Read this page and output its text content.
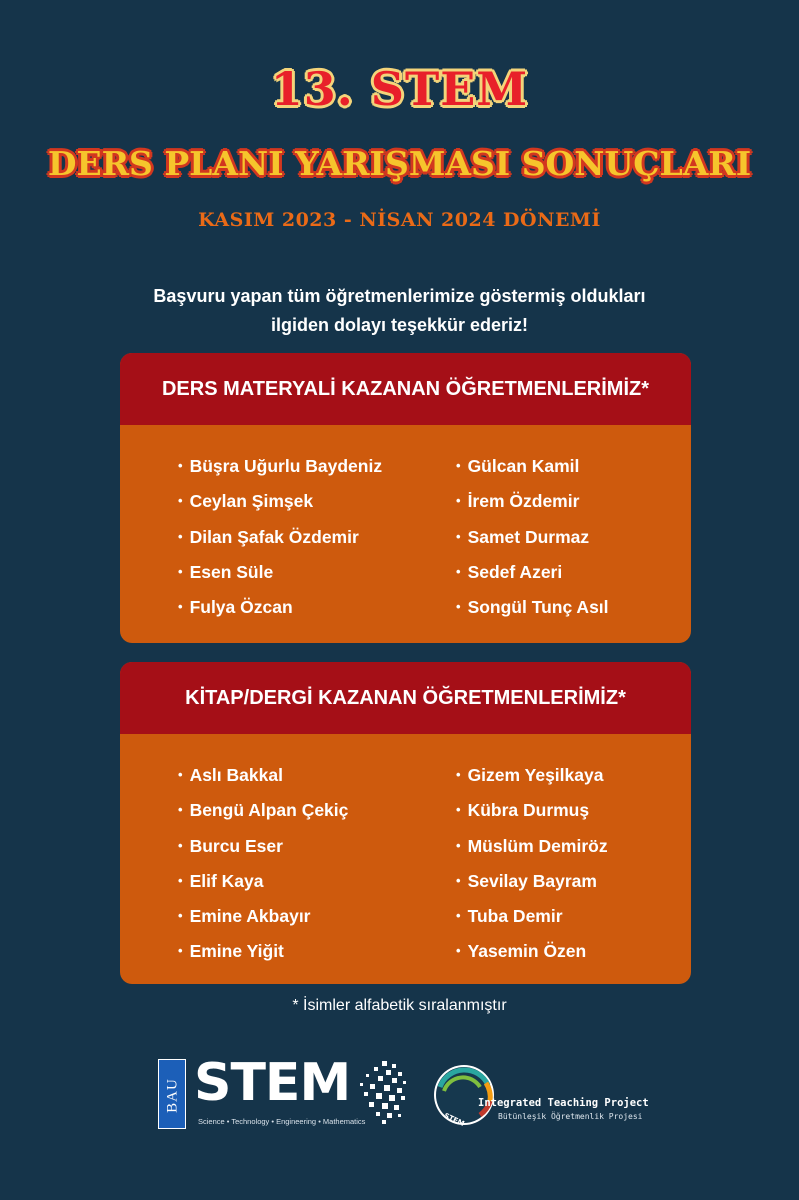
13. STEM
DERS PLANI YARIŞMASI SONUÇLARI
KASIM 2023 - NİSAN 2024 DÖNEMİ
Başvuru yapan tüm öğretmenlerimize göstermiş oldukları
ilgiden dolayı teşekkür ederiz!
DERS MATERYALİ KAZANAN ÖĞRETMENLERİMİZ*
• Büşra Uğurlu Baydeniz
• Ceylan Şimşek
• Dilan Şafak Özdemir
• Esen Süle
• Fulya Özcan
• Gülcan Kamil
• İrem Özdemir
• Samet Durmaz
• Sedef Azeri
• Songül Tunç Asıl
KİTAP/DERGİ KAZANAN ÖĞRETMENLERİMİZ*
• Aslı Bakkal
• Bengü Alpan Çekiç
• Burcu Eser
• Elif Kaya
• Emine Akbayır
• Emine Yiğit
• Gizem Yeşilkaya
• Kübra Durmuş
• Müslüm Demiröz
• Sevilay Bayram
• Tuba Demir
• Yasemin Özen
* İsimler alfabetik sıralanmıştır
BAU STEM
Science • Technology • Engineering • Mathematics	STEM
Integrated Teaching Project
Bütünleşik Öğretmenlik Projesi
